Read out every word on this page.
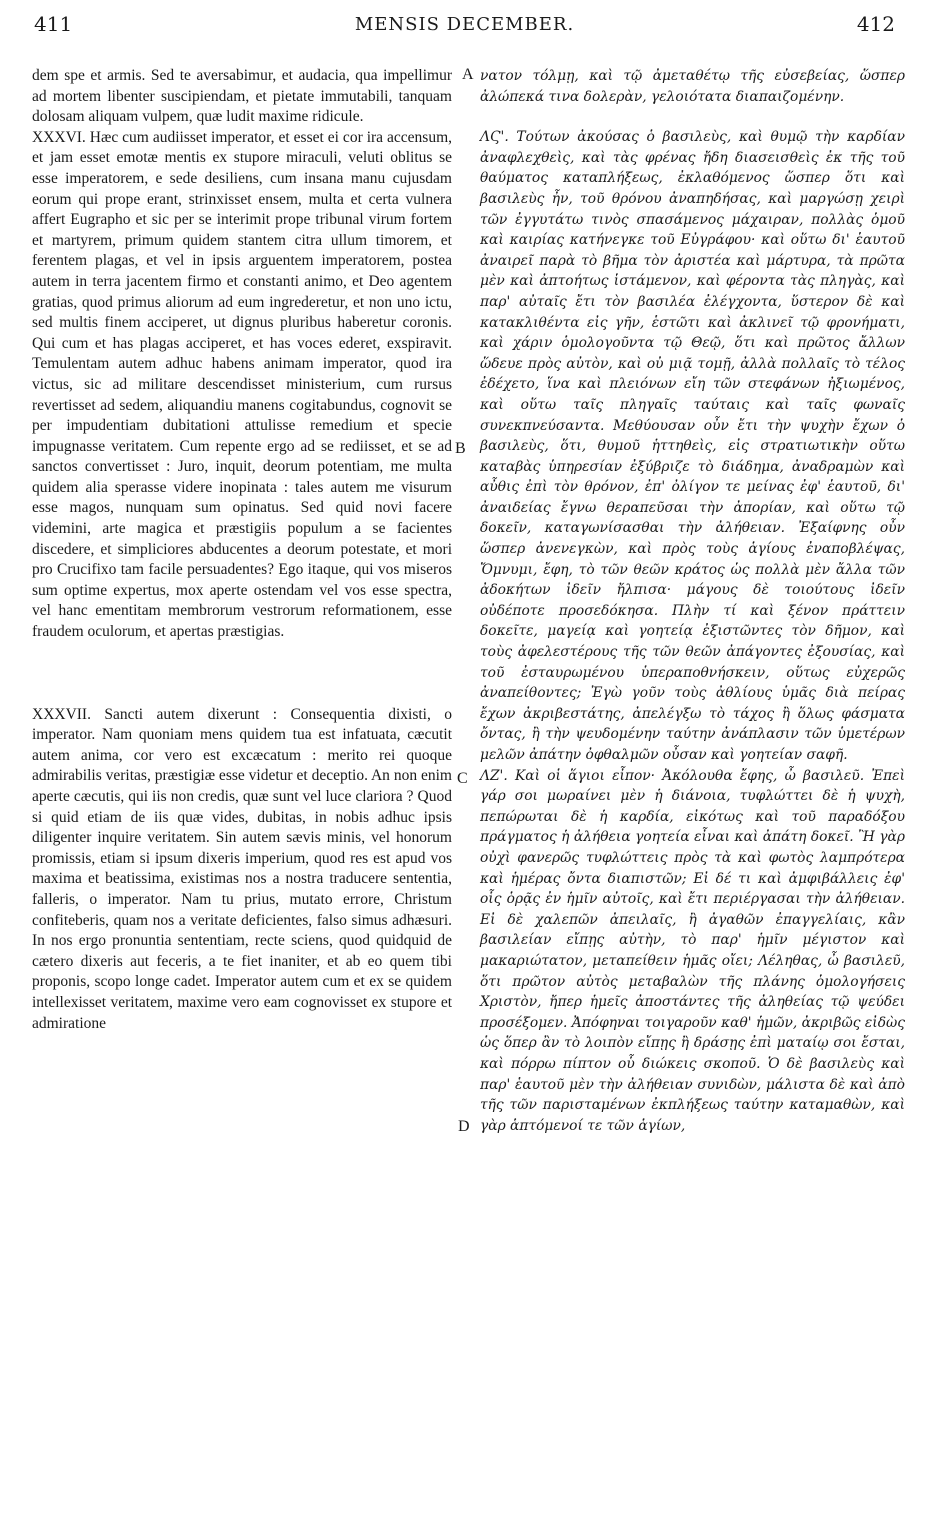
411	MENSIS DECEMBER.	412
A
B
C
D

dem spe et armis. Sed te aversabimur, et audacia, qua impellimur ad mortem libenter suscipiendam, et pietate immutabili, tanquam dolosam aliquam vulpem, quæ ludit maxime ridicule.

XXXVI. Hæc cum audiisset imperator, et esset ei cor ira accensum, et jam esset emotæ mentis ex stupore miraculi, veluti oblitus se esse imperatorem, e sede desiliens, cum insana manu cujusdam eorum qui prope erant, strinxisset ensem, multa et certa vulnera affert Eugrapho et sic per se interimit prope tribunal virum fortem et martyrem, primum quidem stantem citra ullum timorem, et ferentem plagas, et vel in ipsis arguentem imperatorem, postea autem in terra jacentem firmo et constanti animo, et Deo agentem gratias, quod primus aliorum ad eum ingrederetur, et non uno ictu, sed multis finem acciperet, ut dignus pluribus haberetur coronis. Qui cum et has plagas acciperet, et has voces ederet, exspiravit. Temulentam autem adhuc habens animam imperator, quod ira victus, sic ad militare descendisset ministerium, cum rursus revertisset ad sedem, aliquandiu manens cogitabundus, cognovit se per impudentiam dubitationi attulisse remedium et specie impugnasse veritatem. Cum repente ergo ad se rediisset, et se ad sanctos convertisset : Juro, inquit, deorum potentiam, me multa quidem alia sperasse videre inopinata : tales autem me visurum esse magos, nunquam sum opinatus. Sed quid novi facere videmini, arte magica et præstigiis populum a se facientes discedere, et simpliciores abducentes a deorum potestate, et mori pro Crucifixo tam facile persuadentes? Ego itaque, qui vos miseros sum optime expertus, mox aperte ostendam vel vos esse spectra, vel hanc ementitam membrorum vestrorum reformationem, esse fraudem oculorum, et apertas præstigias.

XXXVII. Sancti autem dixerunt : Consequentia dixisti, o imperator. Nam quoniam mens quidem tua est infatuata, cæcutit autem anima, cor vero est excæcatum : merito rei quoque admirabilis veritas, præstigiæ esse videtur et deceptio. An non enim aperte cæcutis, qui iis non credis, quæ sunt vel luce clariora ? Quod si quid etiam de iis quæ vides, dubitas, in nobis adhuc ipsis diligenter inquire veritatem. Sin autem sævis minis, vel honorum promissis, etiam si ipsum dixeris imperium, quod res est apud vos maxima et beatissima, existimas nos a nostra traducere sententia, falleris, o imperator. Nam tu prius, mutato errore, Christum confiteberis, quam nos a veritate deficientes, falso simus adhæsuri. In nos ergo pronuntia sententiam, recte sciens, quod quidquid de cætero dixeris aut feceris, a te fiet inaniter, et ab eo quem tibi proponis, scopo longe cadet. Imperator autem cum et ex se quidem intellexisset veritatem, maxime vero eam cognovisset ex stupore et admiratione

νατον τόλμῃ, καὶ τῷ ἀμεταθέτῳ τῆς εὐσεβείας, ὥσπερ ἀλώπεκά τινα δολερὰν, γελοιότατα διαπαιζομένην.

ΛϚ'. Τούτων ἀκούσας ὁ βασιλεὺς, καὶ θυμῷ τὴν καρδίαν ἀναφλεχθεὶς, καὶ τὰς φρένας ἤδη διασεισθεὶς ἐκ τῆς τοῦ θαύματος καταπλήξεως, ἐκλαθόμενος ὥσπερ ὅτι καὶ βασιλεὺς ἦν, τοῦ θρόνου ἀναπηδήσας, καὶ μαργώσῃ χειρὶ τῶν ἐγγυτάτω τινὸς σπασάμενος μάχαιραν, πολλὰς ὁμοῦ καὶ καιρίας κατήνεγκε τοῦ Εὐγράφου· καὶ οὕτω δι' ἑαυτοῦ ἀναιρεῖ παρὰ τὸ βῆμα τὸν ἀριστέα καὶ μάρτυρα, τὰ πρῶτα μὲν καὶ ἀπτοήτως ἱστάμενον, καὶ φέροντα τὰς πληγὰς, καὶ παρ' αὐταῖς ἔτι τὸν βασιλέα ἐλέγχοντα, ὕστερον δὲ καὶ κατακλιθέντα εἰς γῆν, ἑστῶτι καὶ ἀκλινεῖ τῷ φρονήματι, καὶ χάριν ὁμολογοῦντα τῷ Θεῷ, ὅτι καὶ πρῶτος ἄλλων ὥδευε πρὸς αὐτὸν, καὶ οὐ μιᾷ τομῇ, ἀλλὰ πολλαῖς τὸ τέλος ἐδέχετο, ἵνα καὶ πλειόνων εἴη τῶν στεφάνων ἠξιωμένος, καὶ οὕτω ταῖς πληγαῖς ταύταις καὶ ταῖς φωναῖς συνεκπνεύσαντα. Μεθύουσαν οὖν ἔτι τὴν ψυχὴν ἔχων ὁ βασιλεὺς, ὅτι, θυμοῦ ἡττηθεὶς, εἰς στρατιωτικὴν οὕτω καταβὰς ὑπηρεσίαν ἐξύβριζε τὸ διάδημα, ἀναδραμὼν καὶ αὖθις ἐπὶ τὸν θρόνον, ἐπ' ὀλίγον τε μείνας ἐφ' ἑαυτοῦ, δι' ἀναιδείας ἔγνω θεραπεῦσαι τὴν ἀπορίαν, καὶ οὕτω τῷ δοκεῖν, καταγωνίσασθαι τὴν ἀλήθειαν. Ἐξαίφνης οὖν ὥσπερ ἀνενεγκὼν, καὶ πρὸς τοὺς ἁγίους ἐναποβλέψας, Ὄμνυμι, ἔφη, τὸ τῶν θεῶν κράτος ὡς πολλὰ μὲν ἄλλα τῶν ἀδοκήτων ἰδεῖν ἤλπισα· μάγους δὲ τοιούτους ἰδεῖν οὐδέποτε προσεδόκησα. Πλὴν τί καὶ ξένον πράττειν δοκεῖτε, μαγείᾳ καὶ γοητείᾳ ἐξιστῶντες τὸν δῆμον, καὶ τοὺς ἀφελεστέρους τῆς τῶν θεῶν ἀπάγοντες ἐξουσίας, καὶ τοῦ ἐσταυρωμένου ὑπεραποθνήσκειν, οὕτως εὐχερῶς ἀναπείθοντες; Ἐγὼ γοῦν τοὺς ἀθλίους ὑμᾶς διὰ πείρας ἔχων ἀκριβεστάτης, ἀπελέγξω τὸ τάχος ἢ ὅλως φάσματα ὄντας, ἢ τὴν ψευδομένην ταύτην ἀνάπλασιν τῶν ὑμετέρων μελῶν ἀπάτην ὀφθαλμῶν οὖσαν καὶ γοητείαν σαφῆ.

ΛΖ'. Καὶ οἱ ἅγιοι εἶπον· Ἀκόλουθα ἔφης, ὦ βασιλεῦ. Ἐπεὶ γάρ σοι μωραίνει μὲν ἡ διάνοια, τυφλώττει δὲ ἡ ψυχὴ, πεπώρωται δὲ ἡ καρδία, εἰκότως καὶ τοῦ παραδόξου πράγματος ἡ ἀλήθεια γοητεία εἶναι καὶ ἀπάτη δοκεῖ. Ἢ γὰρ οὐχὶ φανερῶς τυφλώττεις πρὸς τὰ καὶ φωτὸς λαμπρότερα καὶ ἡμέρας ὄντα διαπιστῶν; Εἰ δέ τι καὶ ἀμφιβάλλεις ἐφ' οἷς ὁρᾷς ἐν ἡμῖν αὐτοῖς, καὶ ἔτι περιέργασαι τὴν ἀλήθειαν. Εἰ δὲ χαλεπῶν ἀπειλαῖς, ἢ ἀγαθῶν ἐπαγγελίαις, κἂν βασιλείαν εἴπῃς αὐτὴν, τὸ παρ' ἡμῖν μέγιστον καὶ μακαριώτατον, μεταπείθειν ἡμᾶς οἴει; Λέληθας, ὦ βασιλεῦ, ὅτι πρῶτον αὐτὸς μεταβαλὼν τῆς πλάνης ὁμολογήσεις Χριστὸν, ἤπερ ἡμεῖς ἀποστάντες τῆς ἀληθείας τῷ ψεύδει προσέξομεν. Ἀπόφηναι τοιγαροῦν καθ' ἡμῶν, ἀκριβῶς εἰδὼς ὡς ὅπερ ἂν τὸ λοιπὸν εἴπῃς ἢ δράσῃς ἐπὶ ματαίῳ σοι ἔσται, καὶ πόρρω πίπτον οὗ διώκεις σκοποῦ. Ὁ δὲ βασιλεὺς καὶ παρ' ἑαυτοῦ μὲν τὴν ἀλήθειαν συνιδὼν, μάλιστα δὲ καὶ ἀπὸ τῆς τῶν παρισταμένων ἐκπλήξεως ταύτην καταμαθὼν, καὶ γὰρ ἁπτόμενοί τε τῶν ἁγίων,
